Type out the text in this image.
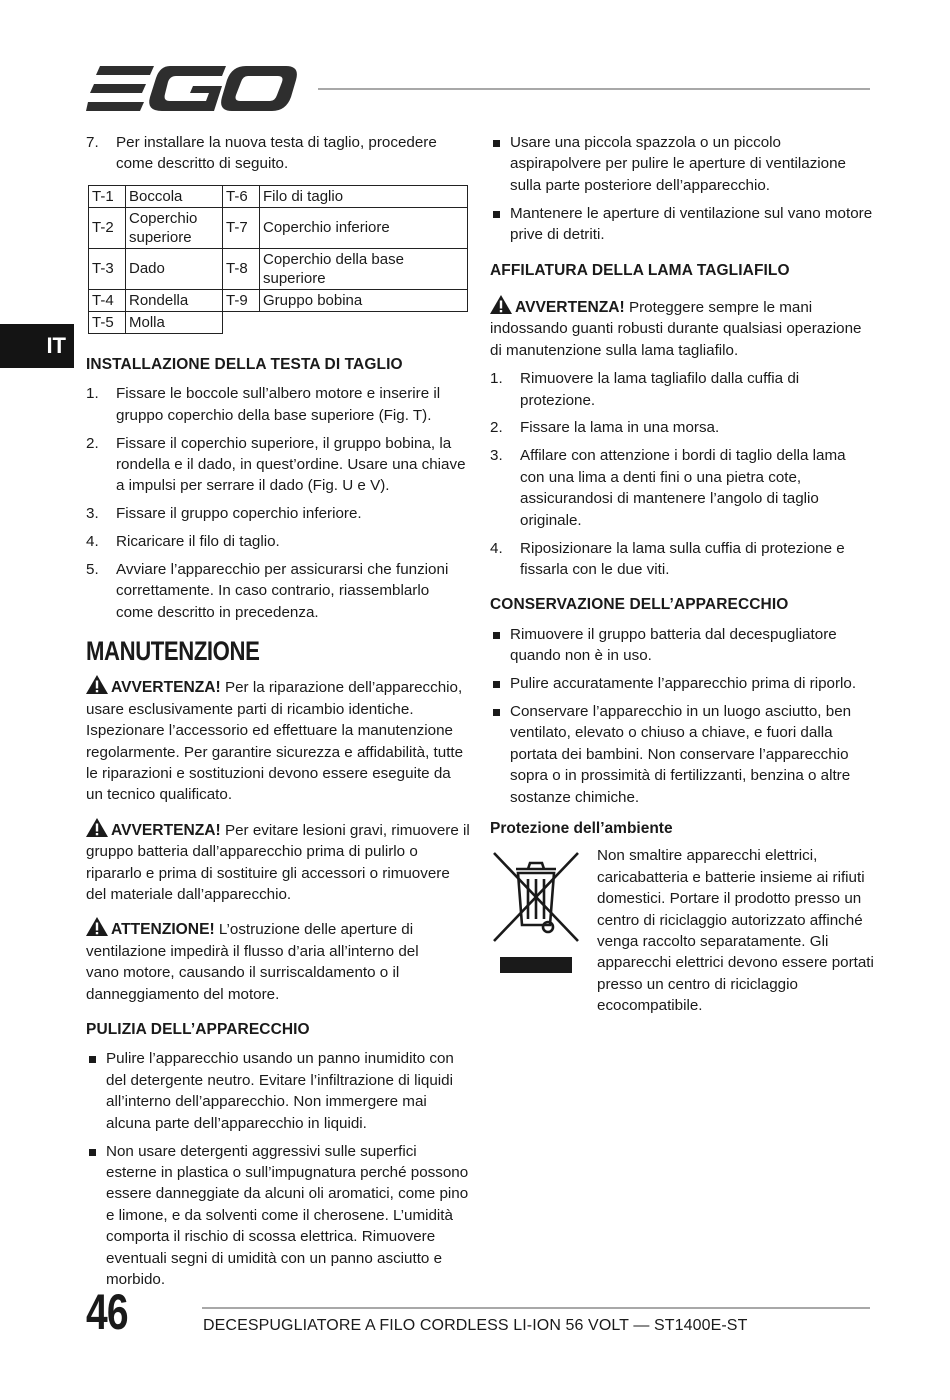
IT
7. Per installare la nuova testa di taglio, procedere come descritto di seguito.
T-1	Boccola	T-6	Filo di taglio
T-2	Coperchio superiore	T-7	Coperchio inferiore
T-3	Dado	T-8	Coperchio della base superiore
T-4	Rondella	T-9	Gruppo bobina
T-5	Molla		
INSTALLAZIONE DELLA TESTA DI TAGLIO
1. Fissare le boccole sull’albero motore e inserire il gruppo coperchio della base superiore (Fig. T).
2. Fissare il coperchio superiore, il gruppo bobina, la rondella e il dado, in quest’ordine. Usare una chiave a impulsi per serrare il dado (Fig. U e V).
3. Fissare il gruppo coperchio inferiore.
4. Ricaricare il filo di taglio.
5. Avviare l’apparecchio per assicurarsi che funzioni correttamente. In caso contrario, riassemblarlo come descritto in precedenza.
MANUTENZIONE

AVVERTENZA! Per la riparazione dell’apparecchio, usare esclusivamente parti di ricambio identiche. Ispezionare l’accessorio ed effettuare la manutenzione regolarmente. Per garantire sicurezza e affidabilità, tutte le riparazioni e sostituzioni devono essere eseguite da un tecnico qualificato.

AVVERTENZA! Per evitare lesioni gravi, rimuovere il gruppo batteria dall’apparecchio prima di pulirlo o ripararlo e prima di sostituire gli accessori o rimuovere del materiale dall’apparecchio.

ATTENZIONE! L’ostruzione delle aperture di ventilazione impedirà il flusso d’aria all’interno del vano motore, causando il surriscaldamento o il danneggiamento del motore.

PULIZIA DELL’APPARECCHIO
Pulire l’apparecchio usando un panno inumidito con del detergente neutro. Evitare l’infiltrazione di liquidi all’interno dell’apparecchio. Non immergere mai alcuna parte dell’apparecchio in liquidi.
Non usare detergenti aggressivi sulle superfici esterne in plastica o sull’impugnatura perché possono essere danneggiate da alcuni oli aromatici, come pino e limone, e da solventi come il cherosene. L’umidità comporta il rischio di scossa elettrica. Rimuovere eventuali segni di umidità con un panno asciutto e morbido.
Usare una piccola spazzola o un piccolo aspirapolvere per pulire le aperture di ventilazione sulla parte posteriore dell’apparecchio.
Mantenere le aperture di ventilazione sul vano motore prive di detriti.
AFFILATURA DELLA LAMA TAGLIAFILO

AVVERTENZA! Proteggere sempre le mani indossando guanti robusti durante qualsiasi operazione di manutenzione sulla lama tagliafilo.

1. Rimuovere la lama tagliafilo dalla cuffia di protezione.
2. Fissare la lama in una morsa.
3. Affilare con attenzione i bordi di taglio della lama con una lima a denti fini o una pietra cote, assicurandosi di mantenere l’angolo di taglio originale.
4. Riposizionare la lama sulla cuffia di protezione e fissarla con le due viti.
CONSERVAZIONE DELL’APPARECCHIO
Rimuovere il gruppo batteria dal decespugliatore quando non è in uso.
Pulire accuratamente l’apparecchio prima di riporlo.
Conservare l’apparecchio in un luogo asciutto, ben ventilato, elevato o chiuso a chiave, e fuori dalla portata dei bambini. Non conservare l’apparecchio sopra o in prossimità di fertilizzanti, benzina o altre sostanze chimiche.
Protezione dell’ambiente

Non smaltire apparecchi elettrici, caricabatteria e batterie insieme ai rifiuti domestici. Portare il prodotto presso un centro di riciclaggio autorizzato affinché venga raccolto separatamente. Gli apparecchi elettrici devono essere portati presso un centro di riciclaggio ecocompatibile.

46	DECESPUGLIATORE A FILO CORDLESS LI-ION 56 VOLT — ST1400E-ST
